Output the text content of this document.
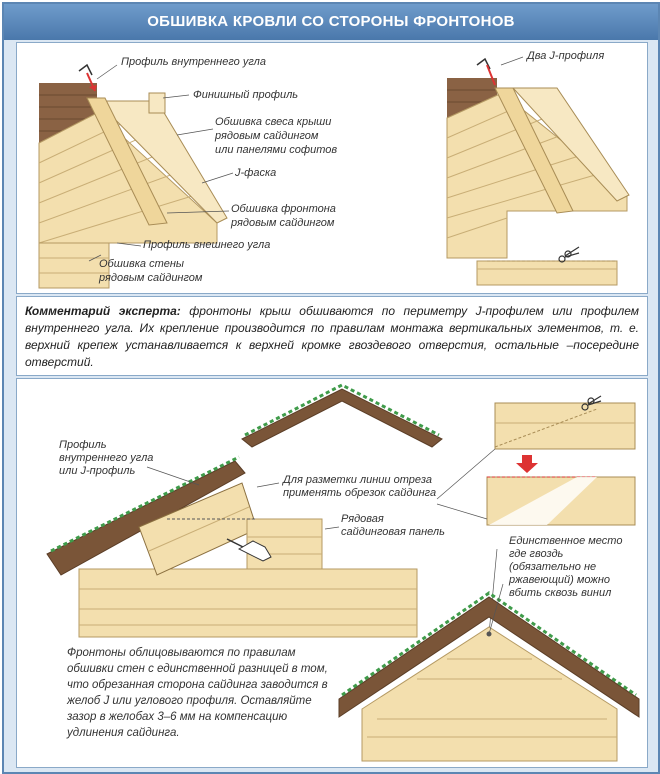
ОБШИВКА КРОВЛИ СО СТОРОНЫ ФРОНТОНОВ
Профиль внутреннего угла
Финишный профиль
Обшивка свеса крыши
рядовым сайдингом
или панелями софитов
J-фаска
Обшивка фронтона
рядовым сайдингом
Профиль внешнего угла
Обшивка стены
рядовым сайдингом
Два J-профиля
Комментарий эксперта: фронтоны крыш обшиваются по периметру J-профилем или профилем внутреннего угла. Их крепление производится по правилам монтажа вертикальных элементов, т. е. верхний крепеж устанавливается к верхней кромке гвоздевого отверстия, остальные –посередине отверстий.
Профиль
внутреннего угла
или J-профиль
Для разметки линии отреза
применять обрезок сайдинга
Рядовая
сайдинговая панель
Единственное место
где гвоздь
(обязательно не
ржавеющий) можно
вбить сквозь винил
Фронтоны облицовываются по правилам обшивки стен с единственной разницей в том, что обрезанная сторона сайдинга заводится в желоб J или углового профиля. Оставляйте зазор в желобах 3–6 мм на компенсацию удлинения сайдинга.
